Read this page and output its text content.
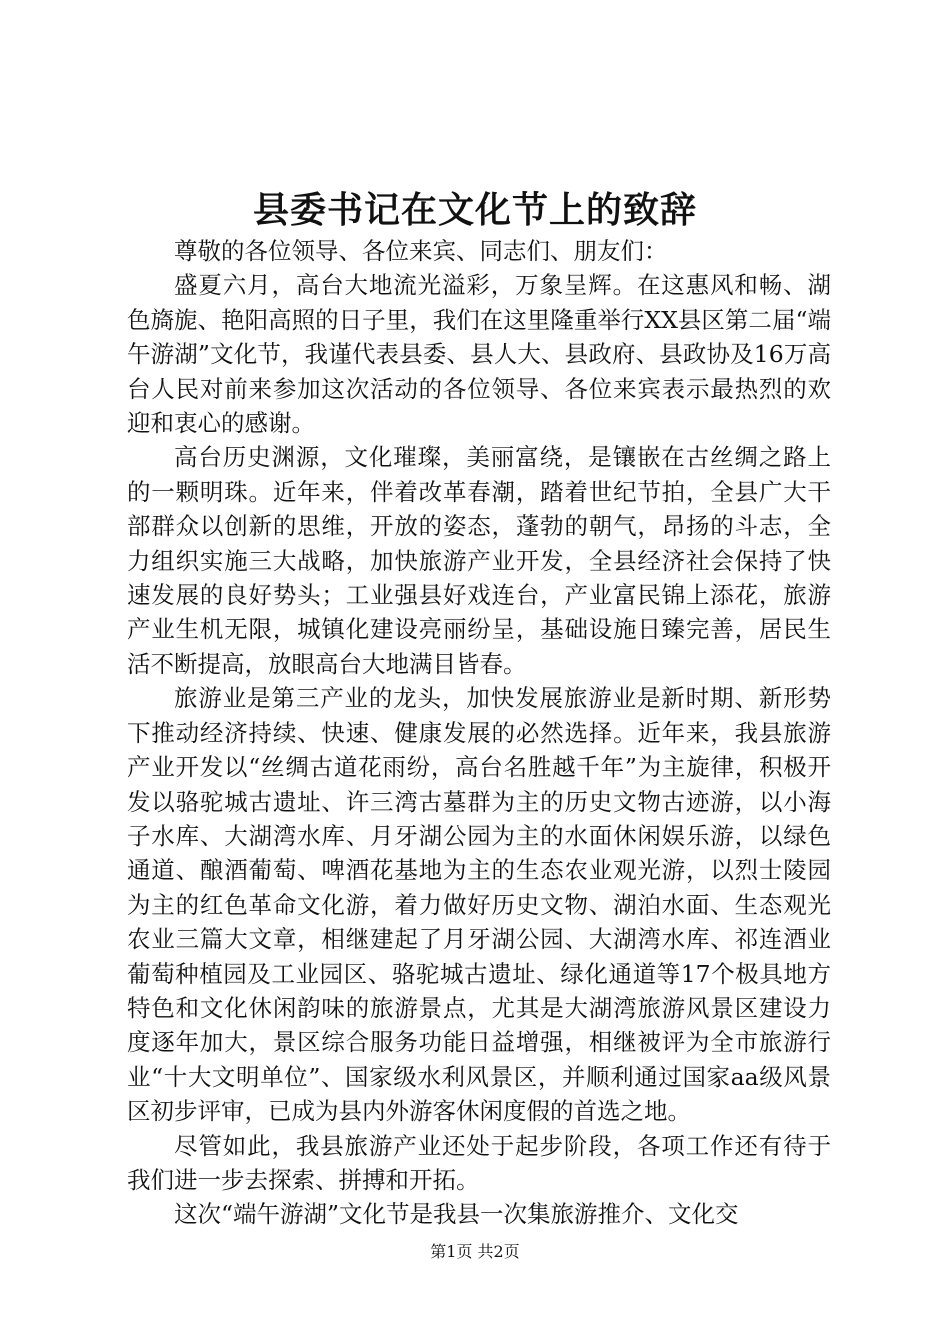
县委书记在文化节上的致辞

尊敬的各位领导、各位来宾、同志们、朋友们：

盛夏六月，高台大地流光溢彩，万象呈辉。在这惠风和畅、湖色旖旎、艳阳高照的日子里，我们在这里隆重举行XX县区第二届“端午游湖”文化节，我谨代表县委、县人大、县政府、县政协及16万高台人民对前来参加这次活动的各位领导、各位来宾表示最热烈的欢迎和衷心的感谢。

高台历史渊源，文化璀璨，美丽富绕，是镶嵌在古丝绸之路上的一颗明珠。近年来，伴着改革春潮，踏着世纪节拍，全县广大干部群众以创新的思维，开放的姿态，蓬勃的朝气，昂扬的斗志，全力组织实施三大战略，加快旅游产业开发，全县经济社会保持了快速发展的良好势头；工业强县好戏连台，产业富民锦上添花，旅游产业生机无限，城镇化建设亮丽纷呈，基础设施日臻完善，居民生活不断提高，放眼高台大地满目皆春。

旅游业是第三产业的龙头，加快发展旅游业是新时期、新形势下推动经济持续、快速、健康发展的必然选择。近年来，我县旅游产业开发以“丝绸古道花雨纷，高台名胜越千年”为主旋律，积极开发以骆驼城古遗址、许三湾古墓群为主的历史文物古迹游，以小海子水库、大湖湾水库、月牙湖公园为主的水面休闲娱乐游，以绿色通道、酿酒葡萄、啤酒花基地为主的生态农业观光游，以烈士陵园为主的红色革命文化游，着力做好历史文物、湖泊水面、生态观光农业三篇大文章，相继建起了月牙湖公园、大湖湾水库、祁连酒业葡萄种植园及工业园区、骆驼城古遗址、绿化通道等17个极具地方特色和文化休闲韵味的旅游景点，尤其是大湖湾旅游风景区建设力度逐年加大，景区综合服务功能日益增强，相继被评为全市旅游行业“十大文明单位”、国家级水利风景区，并顺利通过国家aa级风景区初步评审，已成为县内外游客休闲度假的首选之地。

尽管如此，我县旅游产业还处于起步阶段，各项工作还有待于我们进一步去探索、拼搏和开拓。

这次“端午游湖”文化节是我县一次集旅游推介、文化交

第1页 共2页
